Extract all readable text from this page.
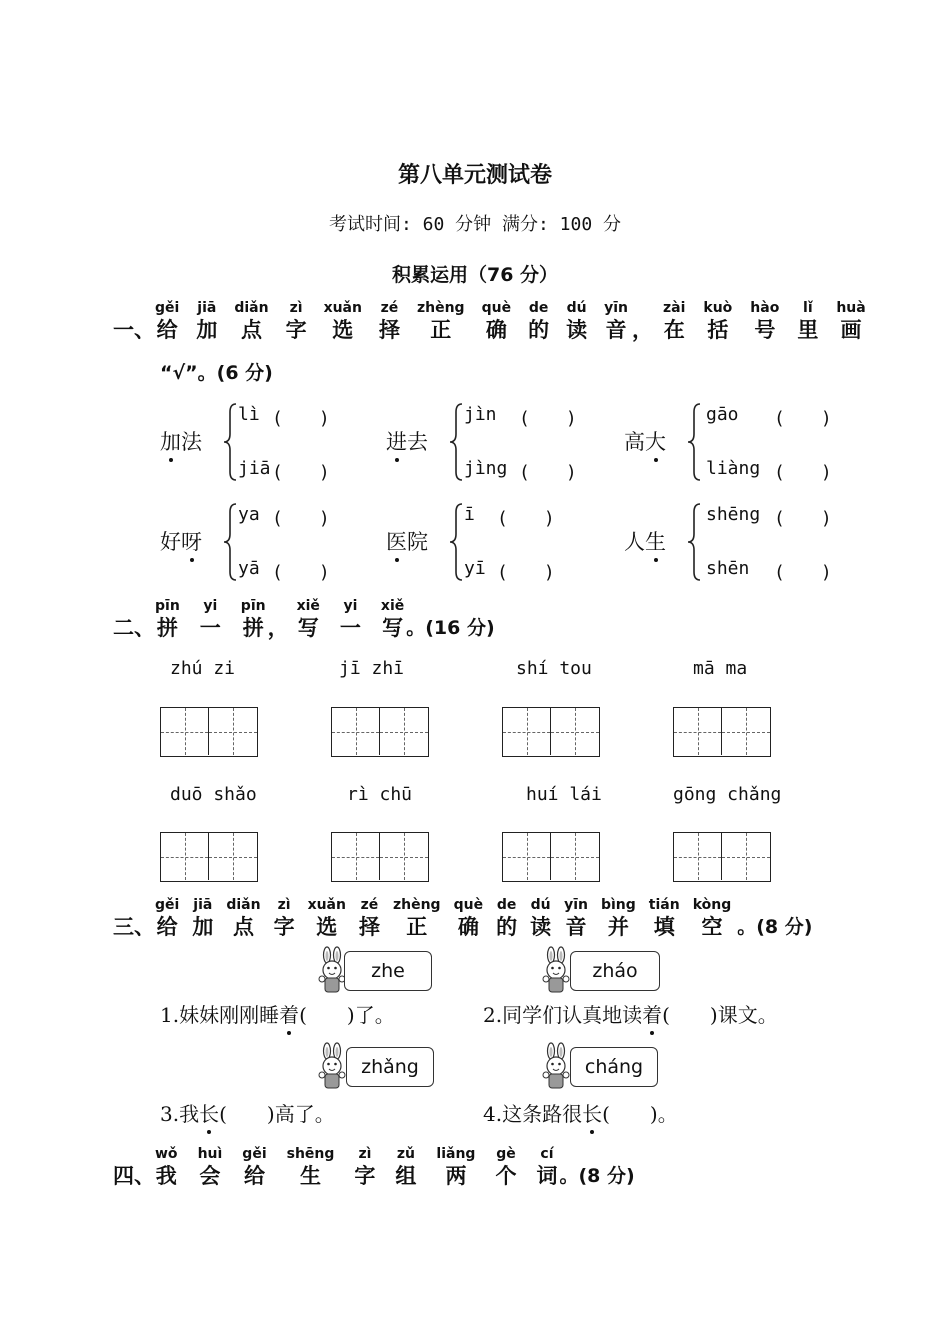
第八单元测试卷
考试时间: 60 分钟 满分: 100 分
积累运用（76 分）
一、
gěi
给
jiā
加
diǎn
点
zì
字
xuǎn
选
zé
择
zhèng
正
què
确
de
的
dú
读
yīn
音 ，
zài
在
kuò
括
hào
号
lǐ
里
huà
画
“√”。(6 分)
加法
lì
jiā
(　　)
(　　)
进去
jìn
jìng
(　　)
(　　)
高大
gāo
liàng
(　　)
(　　)
好呀
ya
yā
(　　)
(　　)
医院
ī
yī
(　　)
(　　)
人生
shēng
shēn
(　　)
(　　)
二、
pīn
拼
yi
一
pīn
拼 ，
xiě
写
yi
一
xiě
写 。(16 分)
zhú zi	jī zhī	shí tou	mā ma
duō shǎo	rì chū	huí lái	gōng chǎng
三、
gěi
给
jiā
加
diǎn
点
zì
字
xuǎn
选
zé
择
zhèng
正
què
确
de
的
dú
读
yīn
音
bìng
并
tián
填
kòng
空 。(8 分)
zhe	zháo
zhǎng	cháng
1.妹妹刚刚睡着(　　)了。	2.同学们认真地读着(　　)课文。
3.我长(　　)高了。	4.这条路很长(　　)。
四、
wǒ
我
huì
会
gěi
给
shēng
生
zì
字
zǔ
组
liǎng
两
gè
个
cí
词 。(8 分)
